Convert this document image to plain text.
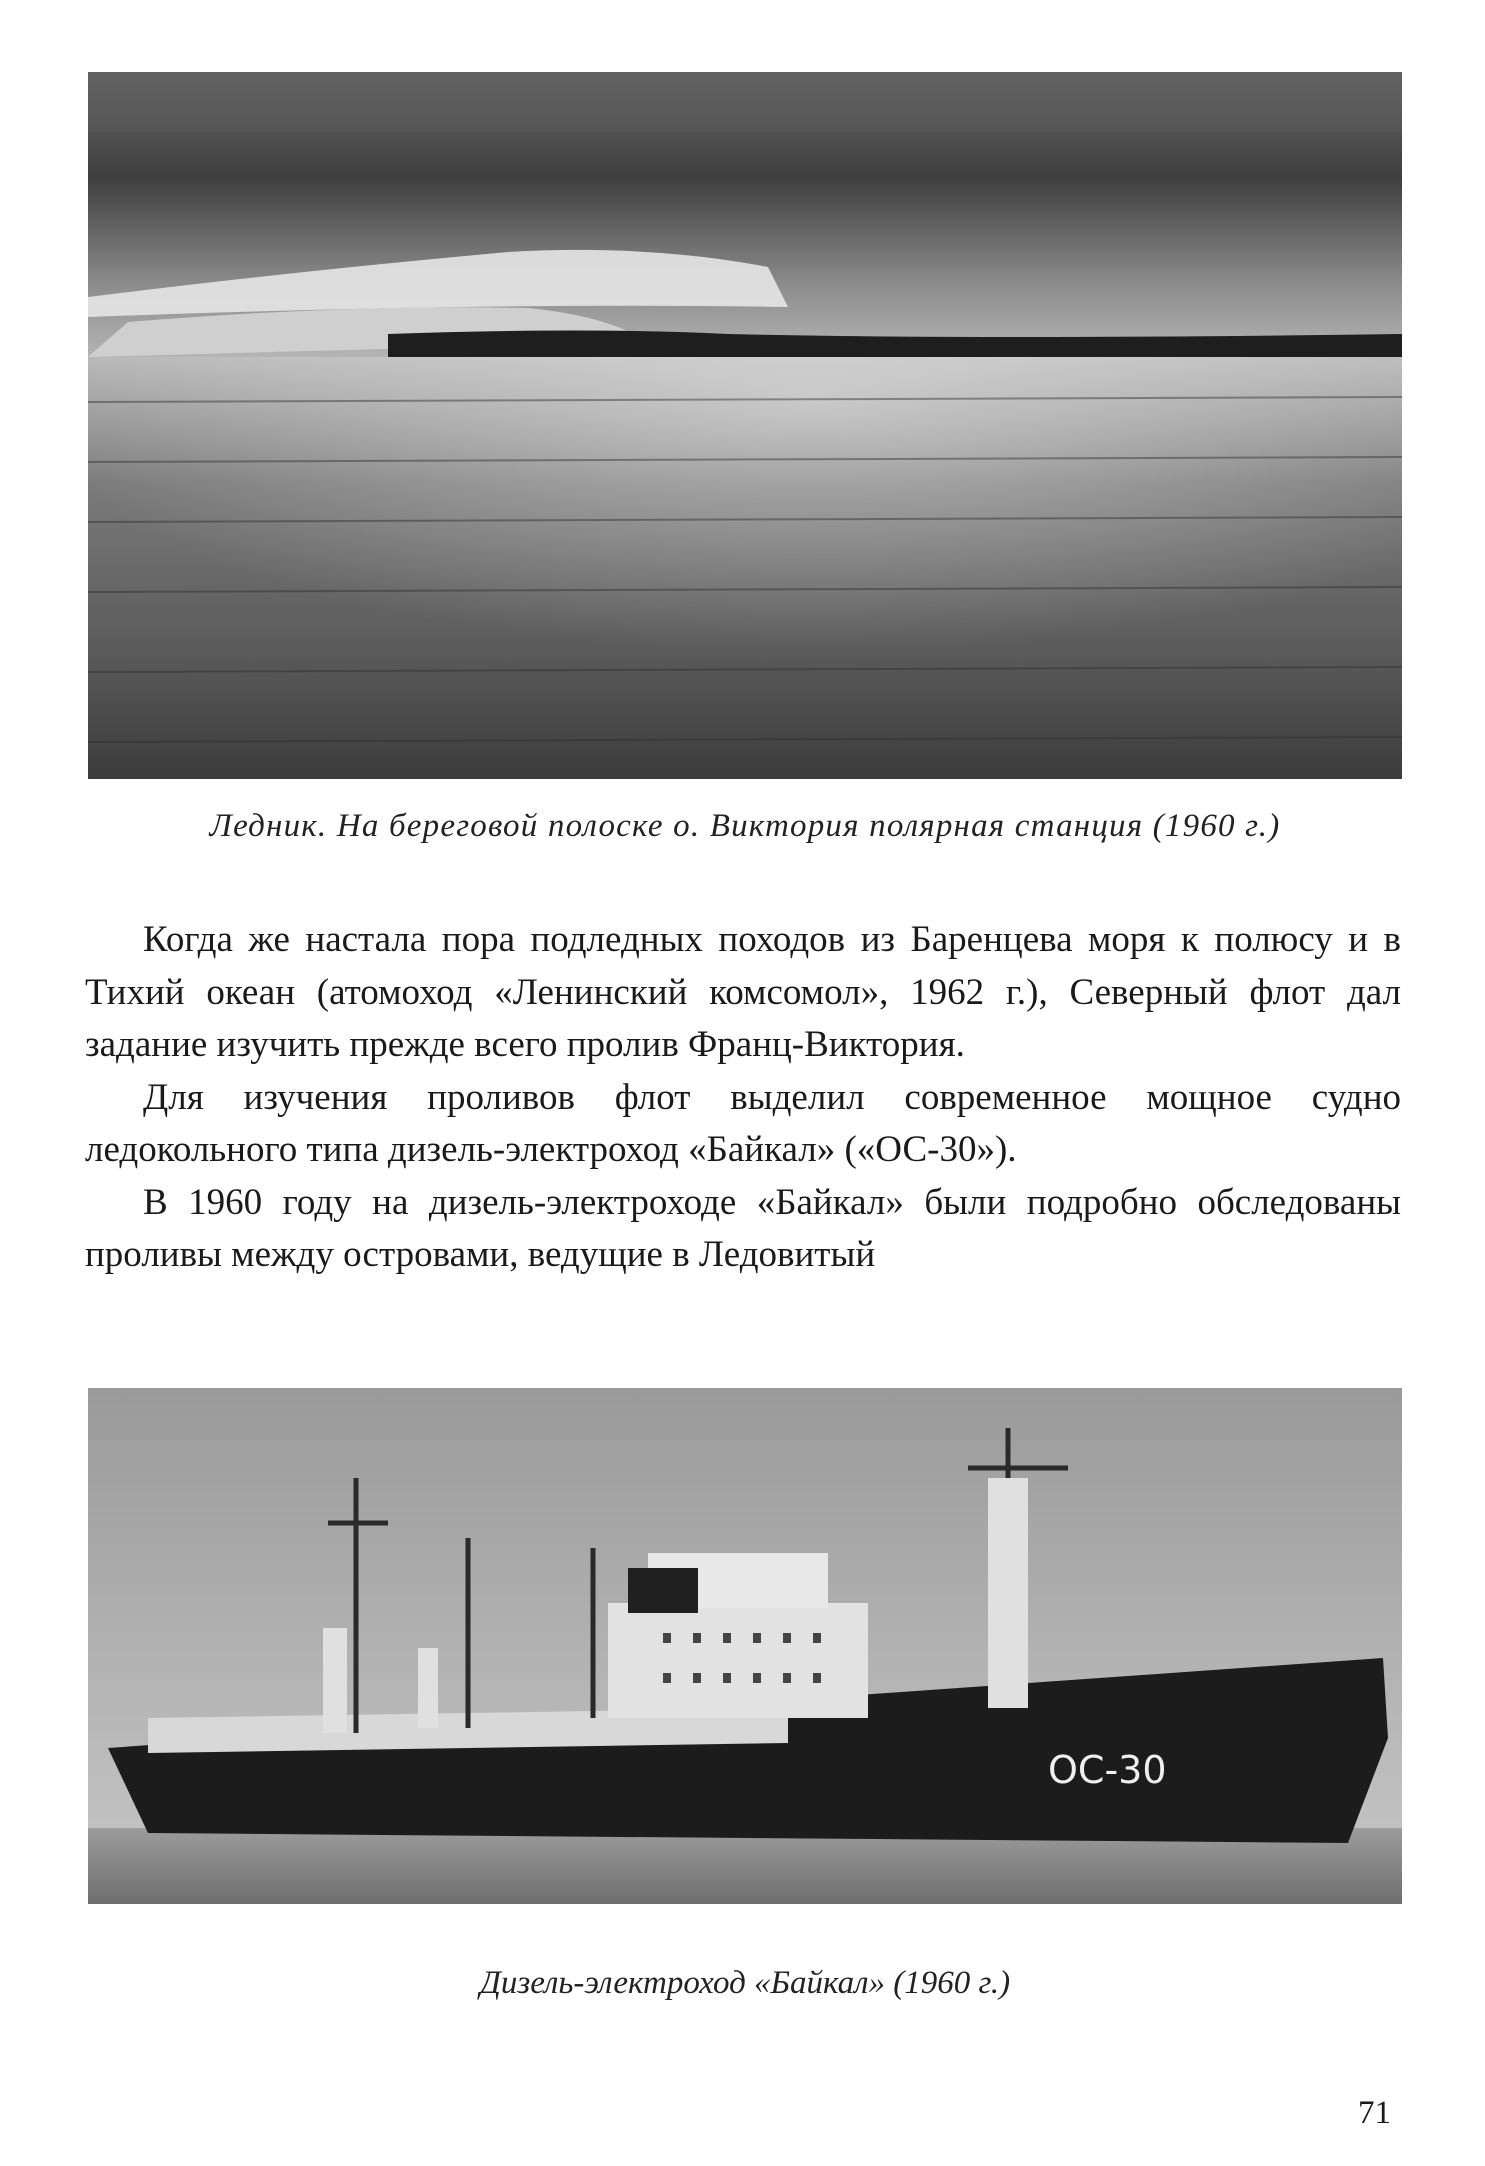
Ледник. На береговой полоске о. Виктория полярная станция (1960 г.)

Когда же настала пора подледных походов из Баренцева моря к полюсу и в Тихий океан (атомоход «Ленинский комсомол», 1962 г.), Северный флот дал задание изучить прежде всего пролив Франц-Виктория.

Для изучения проливов флот выделил современное мощное судно ледокольного типа дизель-электроход «Байкал» («ОС-30»).

В 1960 году на дизель-электроходе «Байкал» были подробно обследованы проливы между островами, ведущие в Ледовитый

ОС-30
Дизель-электроход «Байкал» (1960 г.)
71
